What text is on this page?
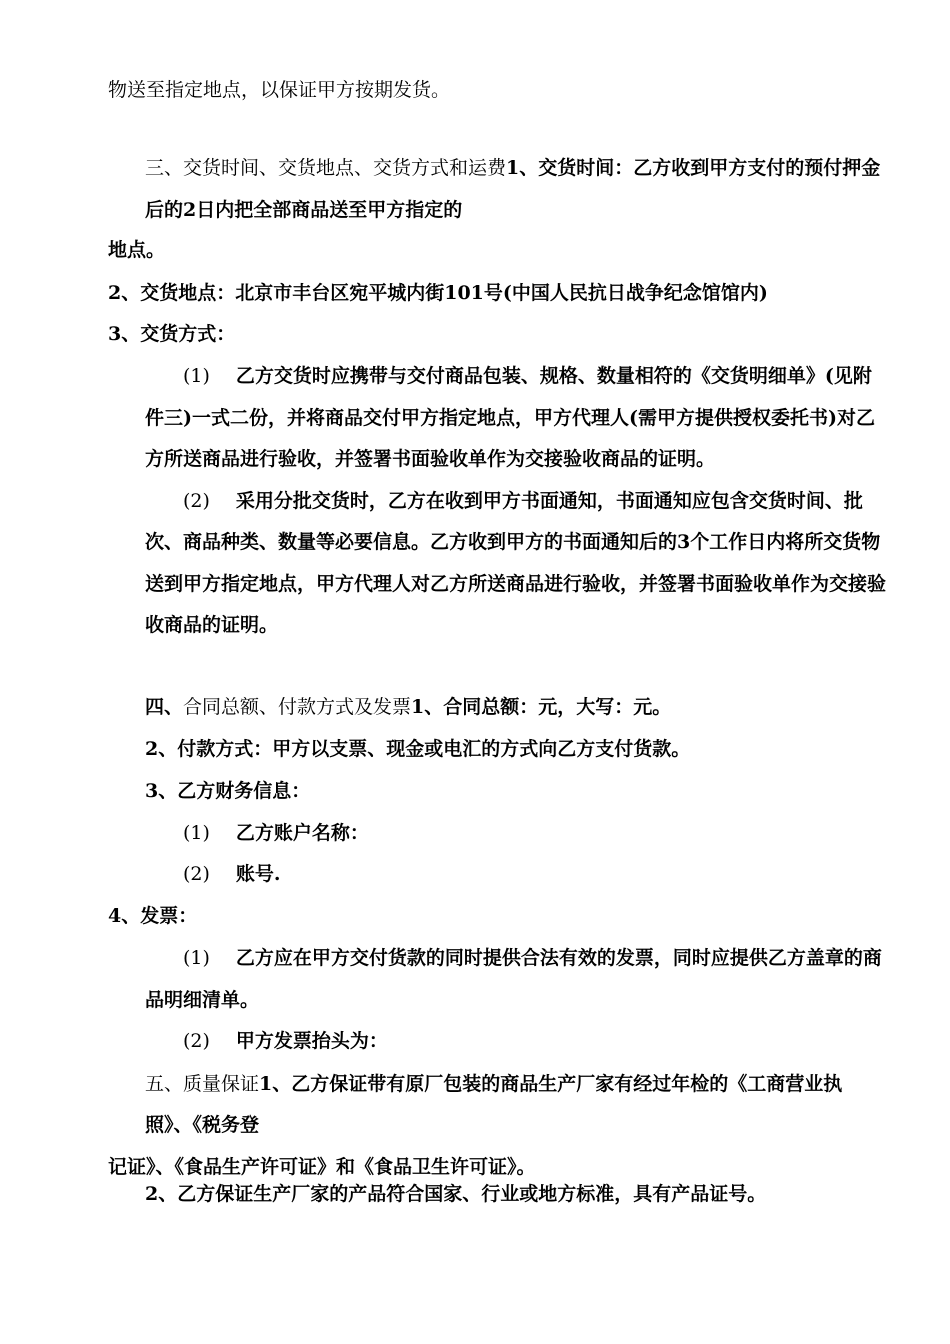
物送至指定地点，以保证甲方按期发货。
三、交货时间、交货地点、交货方式和运费1、交货时间：乙方收到甲方支付的预付押金
后的2日内把全部商品送至甲方指定的
地点。
2、交货地点：北京市丰台区宛平城内街101号(中国人民抗日战争纪念馆馆内)
3、交货方式：
(1) 乙方交货时应携带与交付商品包装、规格、数量相符的《交货明细单》(见附
件三)一式二份，并将商品交付甲方指定地点，甲方代理人(需甲方提供授权委托书)对乙
方所送商品进行验收，并签署书面验收单作为交接验收商品的证明。
(2) 采用分批交货时，乙方在收到甲方书面通知，书面通知应包含交货时间、批
次、商品种类、数量等必要信息。乙方收到甲方的书面通知后的3个工作日内将所交货物
送到甲方指定地点，甲方代理人对乙方所送商品进行验收，并签署书面验收单作为交接验
收商品的证明。
四、合同总额、付款方式及发票1、合同总额：元，大写：元。
2、付款方式：甲方以支票、现金或电汇的方式向乙方支付货款。
3、乙方财务信息：
(1) 乙方账户名称：
(2) 账号.
4、发票：
(1) 乙方应在甲方交付货款的同时提供合法有效的发票，同时应提供乙方盖章的商
品明细清单。
(2) 甲方发票抬头为：
五、质量保证1、乙方保证带有原厂包装的商品生产厂家有经过年检的《工商营业执
照》、《税务登
记证》、《食品生产许可证》和《食品卫生许可证》。
2、乙方保证生产厂家的产品符合国家、行业或地方标准，具有产品证号。
